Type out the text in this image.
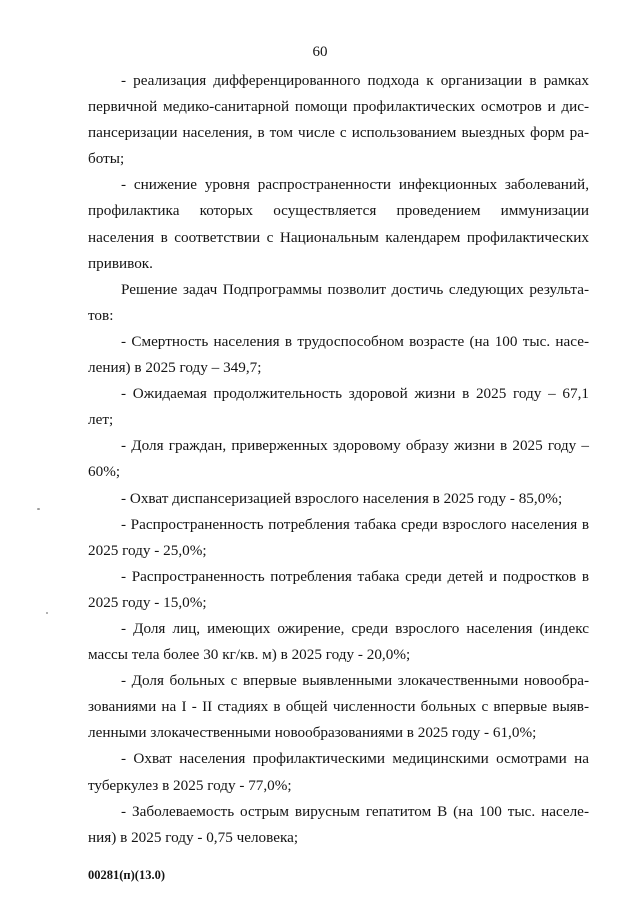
60

- реализация дифференцированного подхода к организации в рамках первичной медико-санитарной помощи профилактических осмотров и диспансеризации населения, в том числе с использованием выездных форм работы;

- снижение уровня распространенности инфекционных заболеваний, профилактика которых осуществляется проведением иммунизации населения в соответствии с Национальным календарем профилактических прививок.

Решение задач Подпрограммы позволит достичь следующих результатов:

- Смертность населения в трудоспособном возрасте (на 100 тыс. населения) в 2025 году – 349,7;

- Ожидаемая продолжительность здоровой жизни в 2025 году – 67,1 лет;

- Доля граждан, приверженных здоровому образу жизни в 2025 году – 60%;

- Охват диспансеризацией взрослого населения в 2025 году - 85,0%;

- Распространенность потребления табака среди взрослого населения в 2025 году - 25,0%;

- Распространенность потребления табака среди детей и подростков в 2025 году - 15,0%;

- Доля лиц, имеющих ожирение, среди взрослого населения (индекс массы тела более 30 кг/кв. м) в 2025 году - 20,0%;

- Доля больных с впервые выявленными злокачественными новообразованиями на I - II стадиях в общей численности больных с впервые выявленными злокачественными новообразованиями в 2025 году - 61,0%;

- Охват населения профилактическими медицинскими осмотрами на туберкулез в 2025 году - 77,0%;

- Заболеваемость острым вирусным гепатитом В (на 100 тыс. населения) в 2025 году - 0,75 человека;

00281(п)(13.0)
